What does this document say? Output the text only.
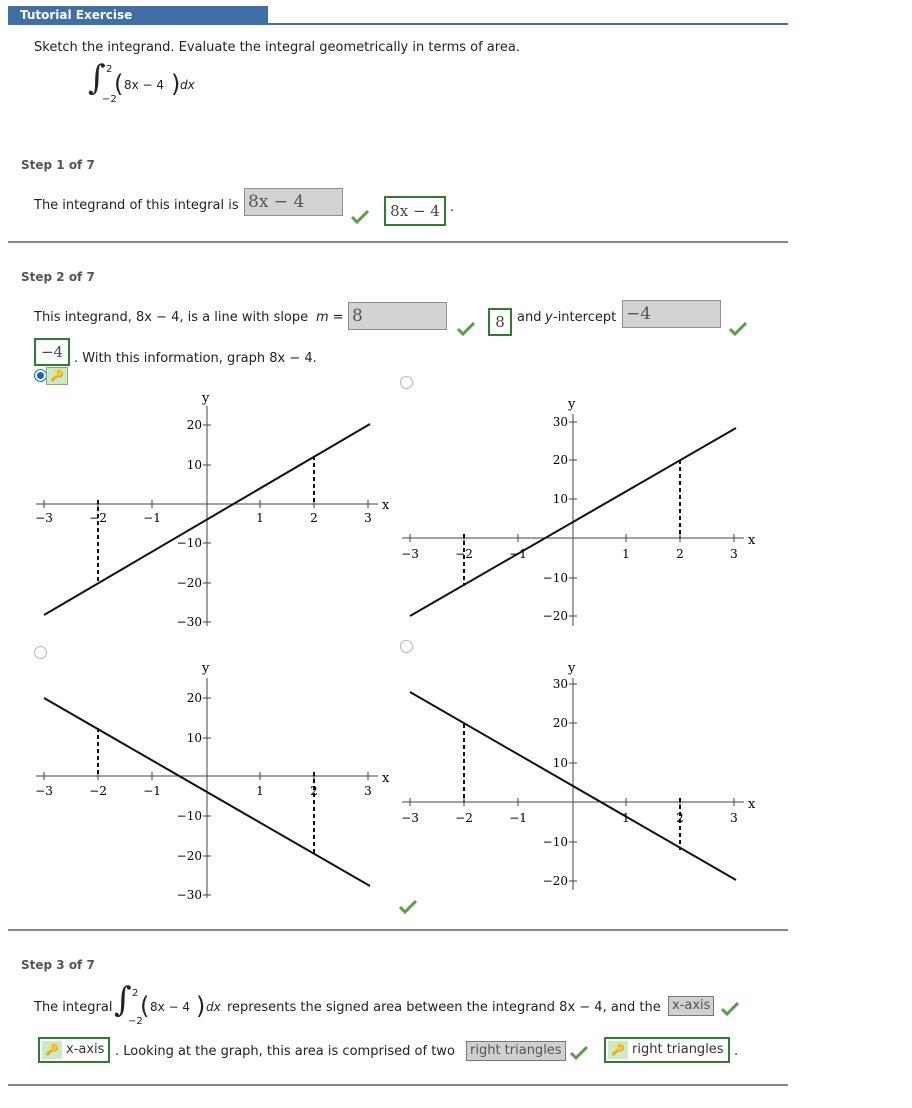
Tutorial Exercise
Sketch the integrand. Evaluate the integral geometrically in terms of area.
∫ 2
−2
( 8x − 4 ) dx
Step 1 of 7
The integrand of this integral is 8x − 4	8x − 4 .
Step 2 of 7
This integrand, 8x − 4, is a line with slope m = 8	8 and y -intercept −4
−4 . With this information, graph 8x − 4.
🔑
x
y
−3	−2	−1	1	2	3
20
10
−10
−20
−30
x
y
−3	−2	−1	1	2	3
30
20
10
−10
−20
x
y
−3	−2	−1	1	2	3
20
10
−10
−20
−30
x
y
−3	−2	−1	1	2	3
30
20
10
−10
−20
Step 3 of 7
The integral ∫ 2
−2
( 8x − 4 ) dx represents the signed area between the integrand 8x − 4, and the x-axis
🔑 x-axis . Looking at the graph, this area is comprised of two	right triangles	🔑 right triangles .
